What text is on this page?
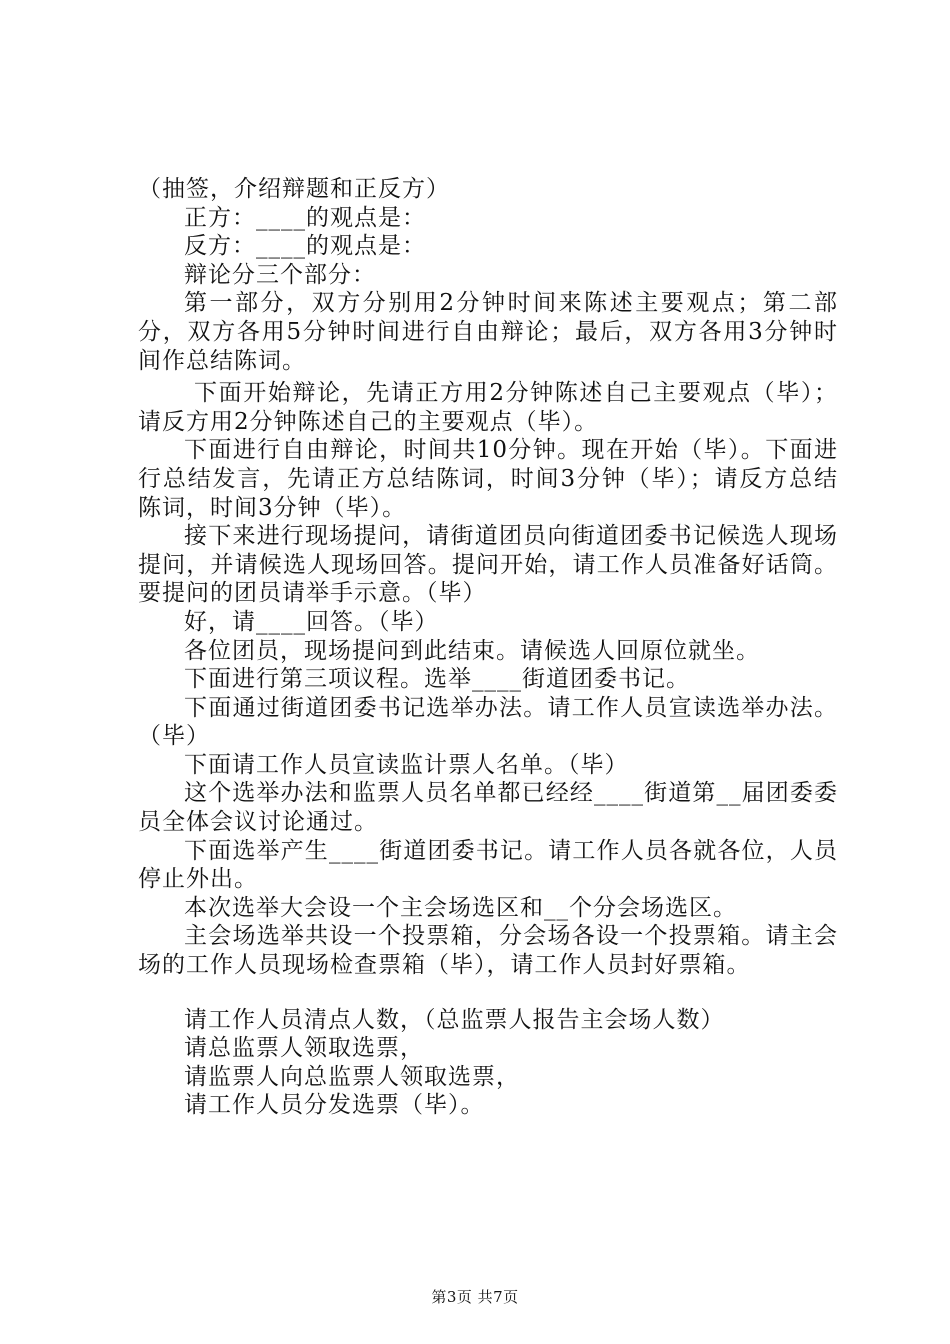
（抽签，介绍辩题和正反方）

正方：____的观点是：

反方：____的观点是：

辩论分三个部分：

第一部分，双方分别用2分钟时间来陈述主要观点；第二部分，双方各用5分钟时间进行自由辩论；最后，双方各用3分钟时间作总结陈词。

下面开始辩论，先请正方用2分钟陈述自己主要观点（毕）；请反方用2分钟陈述自己的主要观点（毕）。

下面进行自由辩论，时间共10分钟。现在开始（毕）。下面进行总结发言，先请正方总结陈词，时间3分钟（毕）；请反方总结陈词，时间3分钟（毕）。

接下来进行现场提问，请街道团员向街道团委书记候选人现场提问，并请候选人现场回答。提问开始，请工作人员准备好话筒。要提问的团员请举手示意。（毕）

好，请____回答。（毕）

各位团员，现场提问到此结束。请候选人回原位就坐。

下面进行第三项议程。选举____街道团委书记。

下面通过街道团委书记选举办法。请工作人员宣读选举办法。（毕）

下面请工作人员宣读监计票人名单。（毕）

这个选举办法和监票人员名单都已经经____街道第__届团委委员全体会议讨论通过。

下面选举产生____街道团委书记。请工作人员各就各位，人员停止外出。

本次选举大会设一个主会场选区和__个分会场选区。

主会场选举共设一个投票箱，分会场各设一个投票箱。请主会场的工作人员现场检查票箱（毕），请工作人员封好票箱。

请工作人员清点人数，（总监票人报告主会场人数）

请总监票人领取选票，

请监票人向总监票人领取选票，

请工作人员分发选票（毕）。

第3页 共7页
